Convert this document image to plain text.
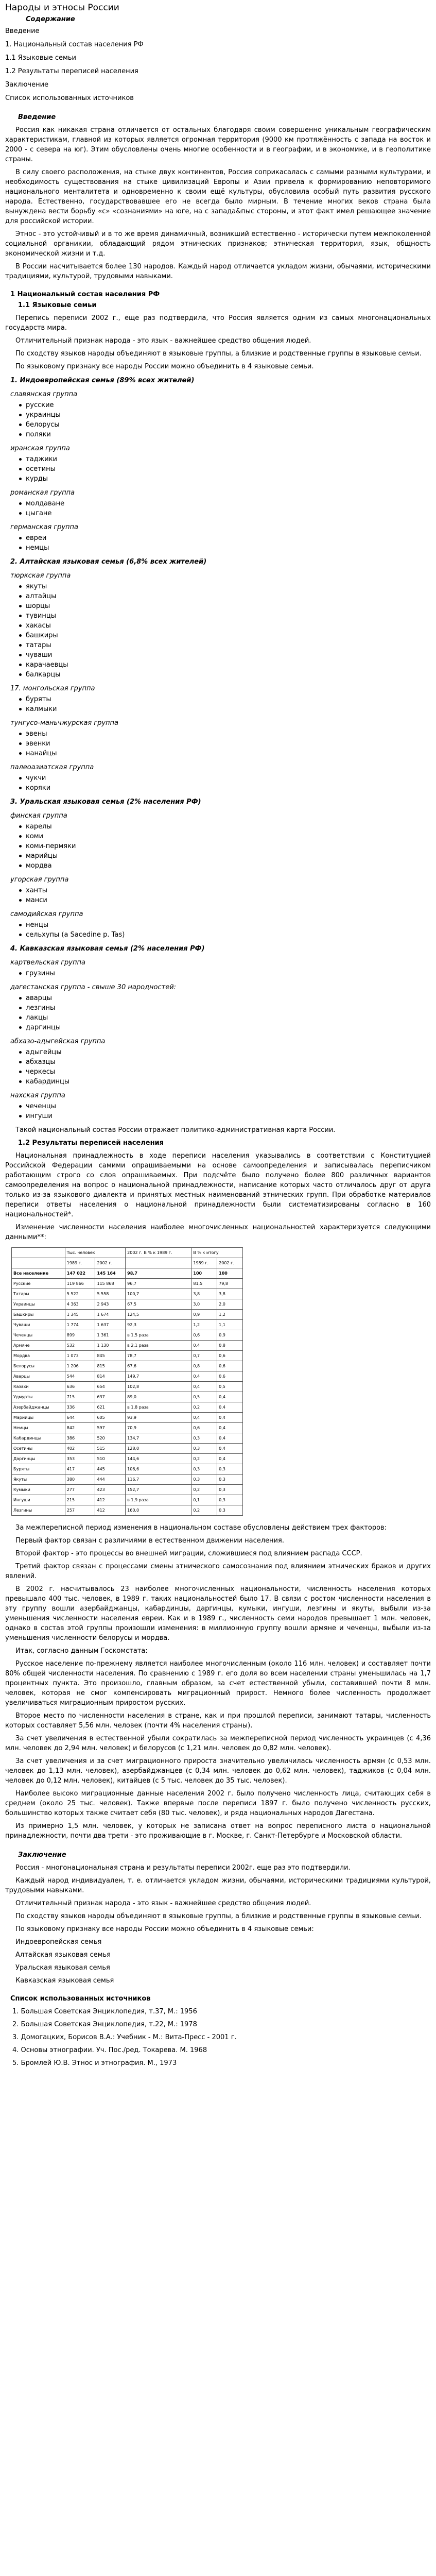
Народы и этносы России
Содержание
Введение
1. Национальный состав населения РФ
1.1 Языковые семьи
1.2 Результаты переписей населения
Заключение
Список использованных источников
Введение

Россия как никакая страна отличается от остальных благодаря своим совершенно уникальным географическим характеристикам, главной из которых является огромная территория (9000 км протяжённость с запада на восток и 2000 - с севера на юг). Этим обусловлены очень многие особенности и в географии, и в экономике, и в геополитике страны.

В силу своего расположения, на стыке двух континентов, Россия соприкасалась с самыми разными культурами, и необходимость существования на стыке цивилизаций Европы и Азии привела к формированию неповторимого национального менталитета и одновременно к своим ещё культуры, обусловила особый путь развития русского народа. Естественно, государствовавшее его не всегда было мирным. В течение многих веков страна была вынуждена вести борьбу «с» «сознаниями» на юге, на с запада&пыс стороны, и этот факт имел решающее значение для российской истории.

Этнос - это устойчивый и в то же время динамичный, возникший естественно - исторически путем межпоколенной социальной органикии, обладающий рядом этнических признаков; этническая территория, язык, общность экономической жизни и т.д.

В России насчитывается более 130 народов. Каждый народ отличается укладом жизни, обычаями, историческими традициями, культурой, трудовыми навыками.

1 Национальный состав населения РФ
1.1 Языковые семьи

Перепись переписи 2002 г., еще раз подтвердила, что Россия является одним из самых многонациональных государств мира.

Отличительный признак народа - это язык - важнейшее средство общения людей.

По сходству языков народы объединяют в языковые группы, а близкие и родственные группы в языковые семьи.

По языковому признаку все народы России можно объединить в 4 языковые семьи.

1. Индоевропейская семья (89% всех жителей)
славянская группа
русские
украинцы
белорусы
поляки
иранская группа
таджики
осетины
курды
романская группа
молдаване
цыгане
германская группа
евреи
немцы
2. Алтайская языковая семья (6,8% всех жителей)
тюркская группа
якуты
алтайцы
шорцы
тувинцы
хакасы
башкиры
татары
чуваши
карачаевцы
балкарцы
17. монгольская группа
буряты
калмыки
тунгусо-маньчжурская группа
эвены
эвенки
нанайцы
палеоазиатская группа
чукчи
коряки
3. Уральская языковая семья (2% населения РФ)
финская группа
карелы
коми
коми-пермяки
марийцы
мордва
угорская группа
ханты
манси
самодийская группа
ненцы
сельхупы (а Sacedine p. Tas)
4. Кавказская языковая семья (2% населения РФ)
картвельская группа
грузины
дагестанская группа - свыше 30 народностей:
аварцы
лезгины
лакцы
даргинцы
абхазо-адыгейская группа
адыгейцы
абхазцы
черкесы
кабардинцы
нахская группа
чеченцы
ингуши

Такой национальный состав России отражает политико-административная карта России.

1.2 Результаты переписей населения

Национальная принадлежность в ходе переписи населения указывались в соответствии с Конституцией Российской Федерации самими опрашиваемыми на основе самоопределения и записывалась переписчиком работающим строго со слов опрашиваемых. При подсчёте было получено более 800 различных вариантов самоопределения на вопрос о национальной принадлежности, написание которых часто отличалось друг от друга только из-за языкового диалекта и принятых местных наименований этнических групп. При обработке материалов переписи ответы населения о национальной принадлежности были систематизированы согласно в 160 национальностей*.

Изменение численности населения наиболее многочисленных национальностей характеризуется следующими данными**:

	Тыс. человек		2002 г. В % к 1989 г.	В % к итогу	
	1989 г.	2002 г.		1989 г.	2002 г.
Все население	147 022	145 164	98,7	100	100
Русские	119 866	115 868	96,7	81,5	79,8
Татары	5 522	5 558	100,7	3,8	3,8
Украинцы	4 363	2 943	67,5	3,0	2,0
Башкиры	1 345	1 674	124,5	0,9	1,2
Чуваши	1 774	1 637	92,3	1,2	1,1
Чеченцы	899	1 361	в 1,5 раза	0,6	0,9
Армяне	532	1 130	в 2,1 раза	0,4	0,8
Мордва	1 073	845	78,7	0,7	0,6
Белорусы	1 206	815	67,6	0,8	0,6
Аварцы	544	814	149,7	0,4	0,6
Казахи	636	654	102,8	0,4	0,5
Удмурты	715	637	89,0	0,5	0,4
Азербайджанцы	336	621	в 1,8 раза	0,2	0,4
Марийцы	644	605	93,9	0,4	0,4
Немцы	842	597	70,9	0,6	0,4
Кабардинцы	386	520	134,7	0,3	0,4
Осетины	402	515	128,0	0,3	0,4
Даргинцы	353	510	144,6	0,2	0,4
Буряты	417	445	106,6	0,3	0,3
Якуты	380	444	116,7	0,3	0,3
Кумыки	277	423	152,7	0,2	0,3
Ингуши	215	412	в 1,9 раза	0,1	0,3
Лезгины	257	412	160,0	0,2	0,3

За межпереписной период изменения в национальном составе обусловлены действием трех факторов:

Первый фактор связан с различиями в естественном движении населения.

Второй фактор - это процессы во внешней миграции, сложившиеся под влиянием распада СССР.

Третий фактор связан с процессами смены этнического самосознания под влиянием этнических браков и других явлений.

В 2002 г. насчитывалось 23 наиболее многочисленных национальности, численность населения которых превышало 400 тыс. человек, в 1989 г. таких национальностей было 17. В связи с ростом численности населения в эту группу вошли азербайджанцы, кабардинцы, даргинцы, кумыки, ингуши, лезгины и якуты, выбыли из-за уменьшения численности населения евреи. Как и в 1989 г., численность семи народов превышает 1 млн. человек, однако в состав этой группы произошли изменения: в миллионную группу вошли армяне и чеченцы, выбыли из-за уменьшения численности белорусы и мордва.

Итак, согласно данным Госкомстата:

Русское население по-прежнему является наиболее многочисленным (около 116 млн. человек) и составляет почти 80% общей численности населения. По сравнению с 1989 г. его доля во всем населении страны уменьшилась на 1,7 процентных пункта. Это произошло, главным образом, за счет естественной убыли, составившей почти 8 млн. человек, которая не смог компенсировать миграционный прирост. Немного более численность продолжает увеличиваться миграционным приростом русских.

Второе место по численности населения в стране, как и при прошлой переписи, занимают татары, численность которых составляет 5,56 млн. человек (почти 4% населения страны).

За счет увеличения в естественной убыли сократилась за межпереписной период численность украинцев (с 4,36 млн. человек до 2,94 млн. человек) и белорусов (с 1,21 млн. человек до 0,82 млн. человек).

За счет увеличения и за счет миграционного прироста значительно увеличилась численность армян (с 0,53 млн. человек до 1,13 млн. человек), азербайджанцев (с 0,34 млн. человек до 0,62 млн. человек), таджиков (с 0,04 млн. человек до 0,12 млн. человек), китайцев (с 5 тыс. человек до 35 тыс. человек).

Наиболее высоко миграционные данные населения 2002 г. было получено численность лица, считающих себя в среднем (около 25 тыс. человек). Также впервые после переписи 1897 г. было получено численность русских, большинство которых также считает себя (80 тыс. человек), и ряда национальных народов Дагестана.

Из примерно 1,5 млн. человек, у которых не записана ответ на вопрос переписного листа о национальной принадлежности, почти два трети - это проживающие в г. Москве, г. Санкт-Петербурге и Московской области.

Заключение

Россия - многонациональная страна и результаты переписи 2002г. еще раз это подтвердили.

Каждый народ индивидуален, т. е. отличается укладом жизни, обычаями, историческими традициями культурой, трудовыми навыками.

Отличительный признак народа - это язык - важнейшее средство общения людей.

По сходству языков народы объединяют в языковые группы, а близкие и родственные группы в языковые семьи.

По языковому признаку все народы России можно объединить в 4 языковые семьи:

Индоевропейская семья

Алтайская языковая семья

Уральская языковая семья

Кавказская языковая семья

Список использованных источников
1. Большая Советская Энциклопедия, т.37, М.: 1956
2. Большая Советская Энциклопедия, т.22, М.: 1978
3. Домогацких, Борисов В.А.: Учебник - М.: Вита-Пресс - 2001 г.
4. Основы этнографии. Уч. Пос./ред. Токарева. М. 1968
5. Бромлей Ю.В. Этнос и этнография. М., 1973
